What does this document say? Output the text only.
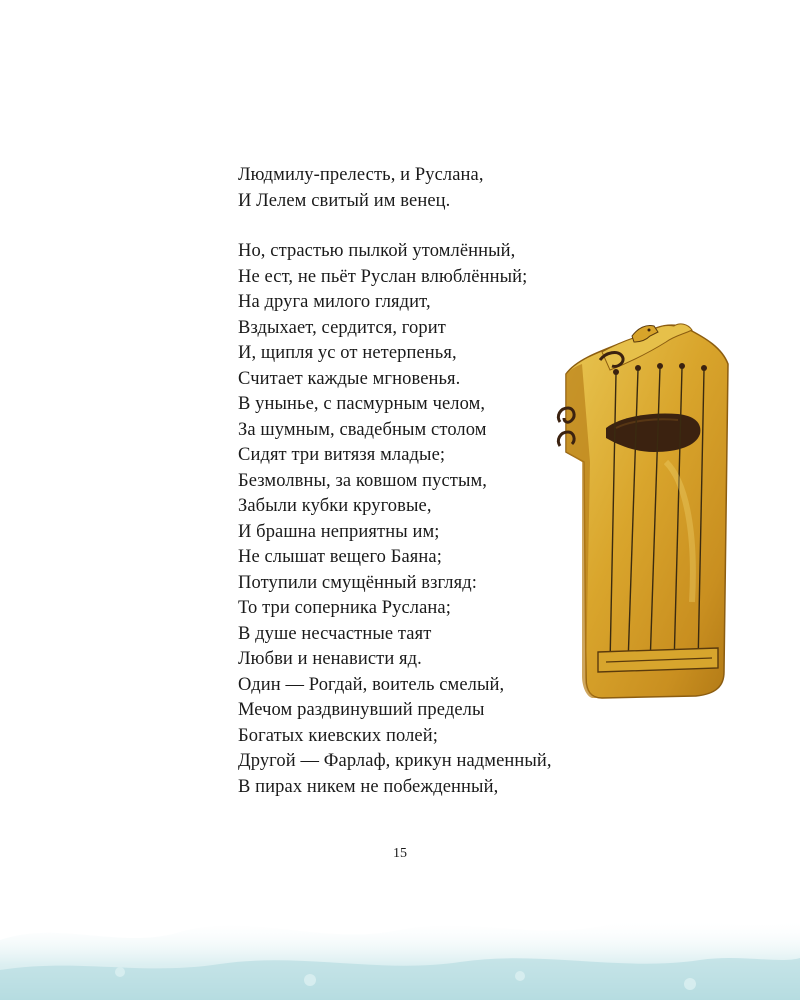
Людмилу-прелесть, и Руслана,
И Лелем свитый им венец.
Но, страстью пылкой утомлённый,
Не ест, не пьёт Руслан влюблённый;
На друга милого глядит,
Вздыхает, сердится, горит
И, щипля ус от нетерпенья,
Считает каждые мгновенья.
В унынье, с пасмурным челом,
За шумным, свадебным столом
Сидят три витязя младые;
Безмолвны, за ковшом пустым,
Забыли кубки круговые,
И брашна неприятны им;
Не слышат вещего Баяна;
Потупили смущённый взгляд:
То три соперника Руслана;
В душе несчастные таят
Любви и ненависти яд.
Один — Рогдай, воитель смелый,
Мечом раздвинувший пределы
Богатых киевских полей;
Другой — Фарлаф, крикун надменный,
В пирах никем не побежденный,
15
